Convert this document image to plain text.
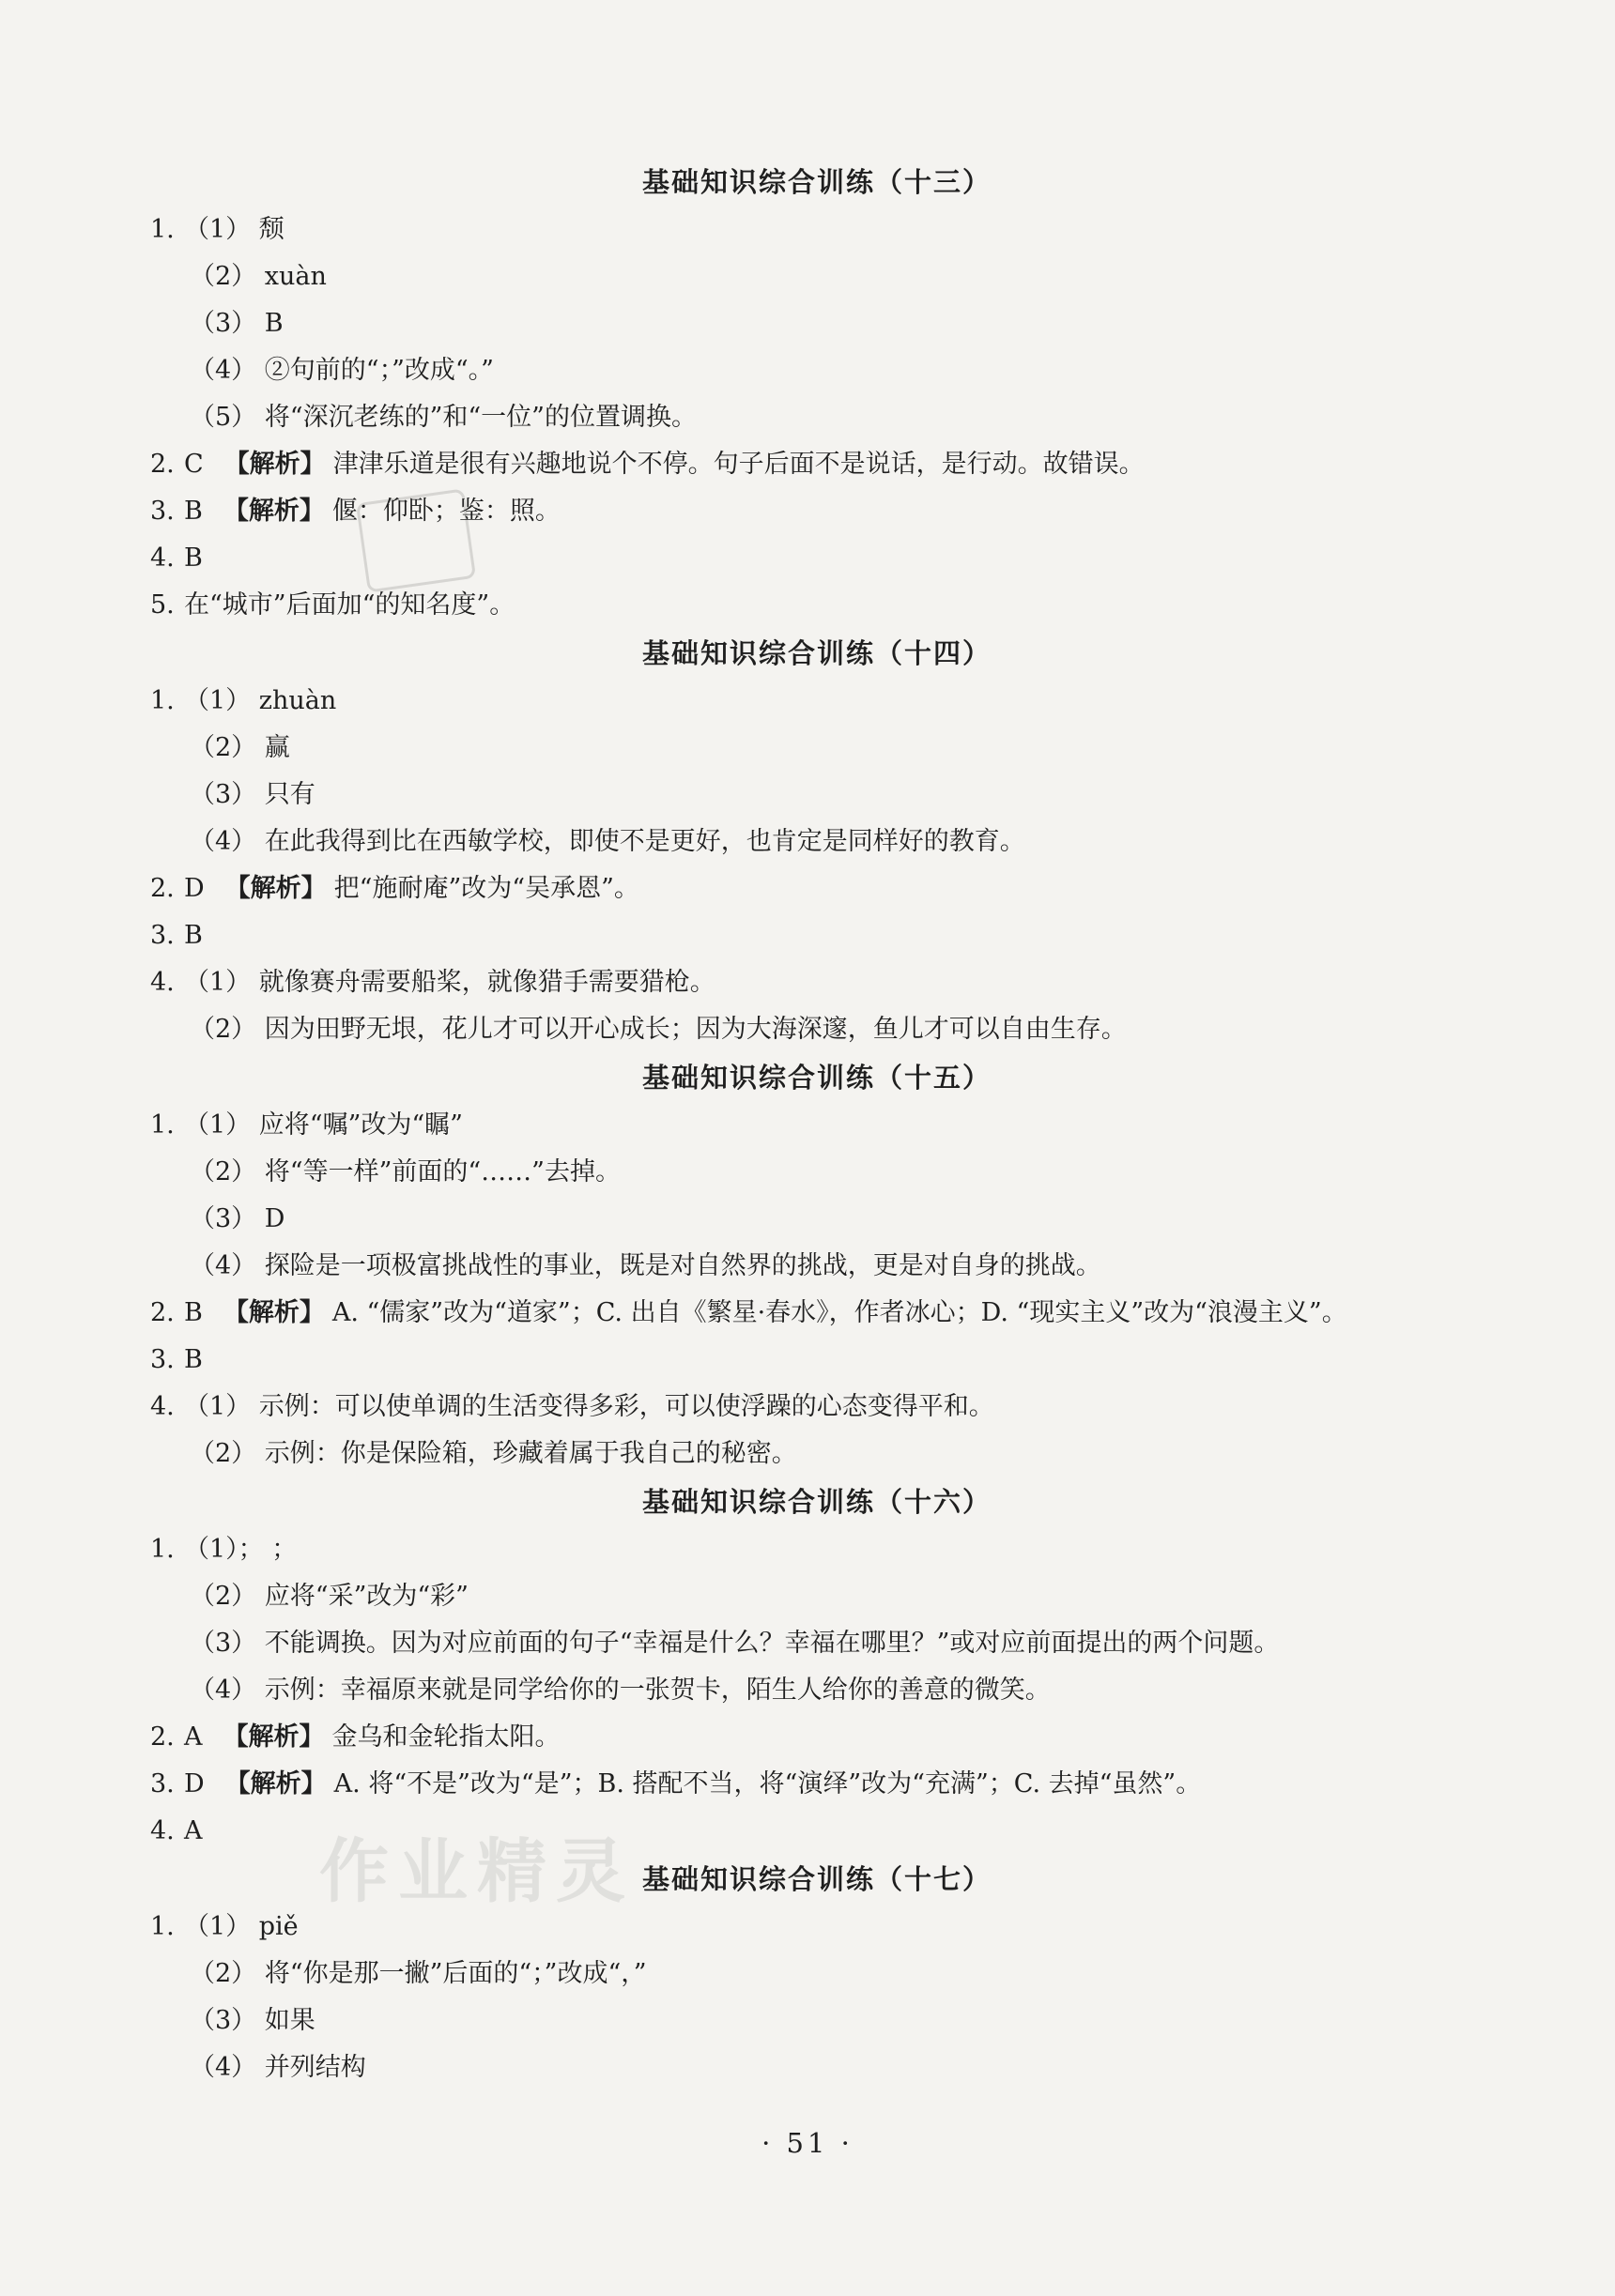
作业精灵
基础知识综合训练（十三）
1. （1） 颓
（2） xuàn
（3） B
（4） ②句前的“；”改成“。”
（5） 将“深沉老练的”和“一位”的位置调换。
2. C 【解析】 津津乐道是很有兴趣地说个不停。句子后面不是说话，是行动。故错误。
3. B 【解析】 偃：仰卧；鉴：照。
4. B
5. 在“城市”后面加“的知名度”。
基础知识综合训练（十四）
1. （1） zhuàn
（2） 赢
（3） 只有
（4） 在此我得到比在西敏学校，即使不是更好，也肯定是同样好的教育。
2. D 【解析】 把“施耐庵”改为“吴承恩”。
3. B
4. （1） 就像赛舟需要船桨，就像猎手需要猎枪。
（2） 因为田野无垠，花儿才可以开心成长；因为大海深邃，鱼儿才可以自由生存。
基础知识综合训练（十五）
1. （1） 应将“嘱”改为“瞩”
（2） 将“等一样”前面的“……”去掉。
（3） D
（4） 探险是一项极富挑战性的事业，既是对自然界的挑战，更是对自身的挑战。
2. B 【解析】 A. “儒家”改为“道家”；C. 出自《繁星·春水》，作者冰心；D. “现实主义”改为“浪漫主义”。
3. B
4. （1） 示例：可以使单调的生活变得多彩，可以使浮躁的心态变得平和。
（2） 示例：你是保险箱，珍藏着属于我自己的秘密。
基础知识综合训练（十六）
1. （1）； ；
（2） 应将“采”改为“彩”
（3） 不能调换。因为对应前面的句子“幸福是什么？幸福在哪里？”或对应前面提出的两个问题。
（4） 示例：幸福原来就是同学给你的一张贺卡，陌生人给你的善意的微笑。
2. A 【解析】 金乌和金轮指太阳。
3. D 【解析】 A. 将“不是”改为“是”；B. 搭配不当，将“演绎”改为“充满”；C. 去掉“虽然”。
4. A
基础知识综合训练（十七）
1. （1） piě
（2） 将“你是那一撇”后面的“；”改成“，”
（3） 如果
（4） 并列结构
· 51 ·
